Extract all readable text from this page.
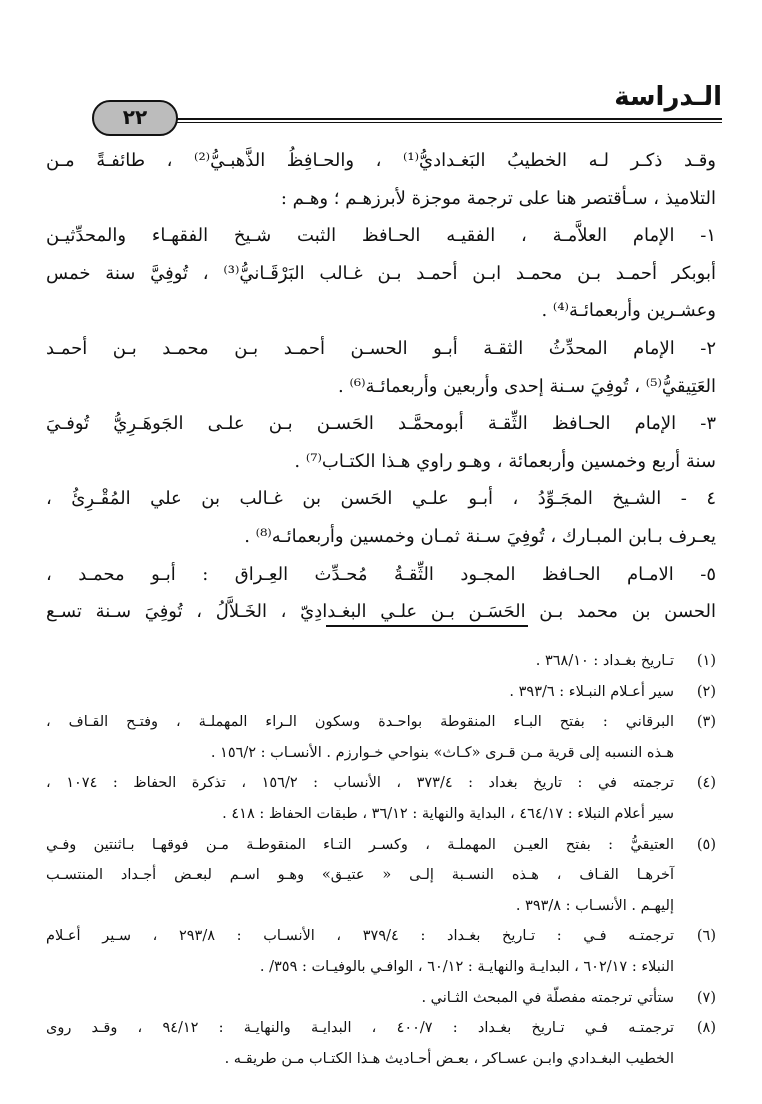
الـدراسة
٢٢
وقـد ذكـر لـه الخطيبُ البَغـداديُّ⁽¹⁾ ، والحـافِظُ الذَّهبـيُّ⁽²⁾ ، طائفـةً مـن
التلاميذ ، سـأقتصر هنا على ترجمة موجزة لأبرزهـم ؛ وهـم :
١- الإمام العلاَّمـة ، الفقيـه الحـافظ الثبت شـيخ الفقهـاء والمحدِّثيـن
أبوبكر أحمـد بـن محمـد ابـن أحمـد بـن غـالب البَرْقَـانيُّ⁽³⁾ ، تُوفِيَّ سنة خمس
وعشـرين وأربعمائـة⁽⁴⁾ .
٢- الإمام المحدِّثُ الثقـة أبـو الحسـن أحمـد بـن محمـد بـن أحمـد
العَتِيقيُّ⁽⁵⁾ ، تُوفِيَ سـنة إحدى وأربعين وأربعمائـة⁽⁶⁾ .
٣- الإمام الحـافظ الثِّقـة أبومحمَّـد الحَسـن بـن علـى الجَوهَـرِيُّ تُوفـيَ
سنة أربع وخمسين وأربعمائة ، وهـو راوي هـذا الكتـاب⁽⁷⁾ .
٤ - الشـيخ المجَـوِّدُ ، أبـو علـي الحَسن بن غـالب بن علي المُقْـرِئُ ،
يعـرف بـابن المبـارك ، تُوفِيَ سـنة ثمـان وخمسين وأربعمائـه⁽⁸⁾ .
٥- الامـام الحـافظ المجـود الثِّقـةُ مُحـدِّث العِـراق : أبـو محمـد ،
الحسن بن محمد بـن الحَسَـن بـن علـي البغـدادِيّ ، الخَـلاَّلُ ، تُوفِيَ سـنة تسـع
(١)
تـاريخ بغـداد : ٣٦٨/١٠ .
(٢)
سير أعـلام النبـلاء : ٣٩٣/٦ .
(٣)
البرقاني : بفتح البـاء المنقوطة بواحـدة وسكون الـراء المهملـة ، وفتـح القـاف ،
هـذه النسبه إلى قرية مـن قـرى «كـاث» بنواحي خـوارزم . الأنسـاب : ١٥٦/٢ .
(٤)
ترجمته في : تاريخ بغداد : ٣٧٣/٤ ، الأنساب : ١٥٦/٢ ، تذكرة الحفاظ : ١٠٧٤ ،
سير أعلام النبلاء : ٤٦٤/١٧ ، البداية والنهاية : ٣٦/١٢ ، طبقات الحفاظ : ٤١٨ .
(٥)
العتيقيُّ : بفتح العيـن المهملـة ، وكسـر التـاء المنقوطـة مـن فوقهـا بـاثنتين وفـي
آخرهـا القـاف ، هـذه النسـبة إلـى « عتيـق» وهـو اسـم لبعـض أجـداد المنتسـب
إليهـم . الأنسـاب : ٣٩٣/٨ .
(٦)
ترجمتـه فـي : تـاريخ بغـداد : ٣٧٩/٤ ، الأنسـاب : ٢٩٣/٨ ، سـير أعـلام
النبلاء : ٦٠٢/١٧ ، البدايـة والنهايـة : ٦٠/١٢ ، الوافـي بالوفيـات : ٣٥٩/ .
(٧)
ستأتي ترجمته مفصلّة في المبحث الثـاني .
(٨)
ترجمتـه فـي تـاريخ بغـداد : ٤٠٠/٧ ، البدايـة والنهايـة : ٩٤/١٢ ، وقـد روى
الخطيب البغـدادي وابـن عسـاكر ، بعـض أحـاديث هـذا الكتـاب مـن طريقـه .
